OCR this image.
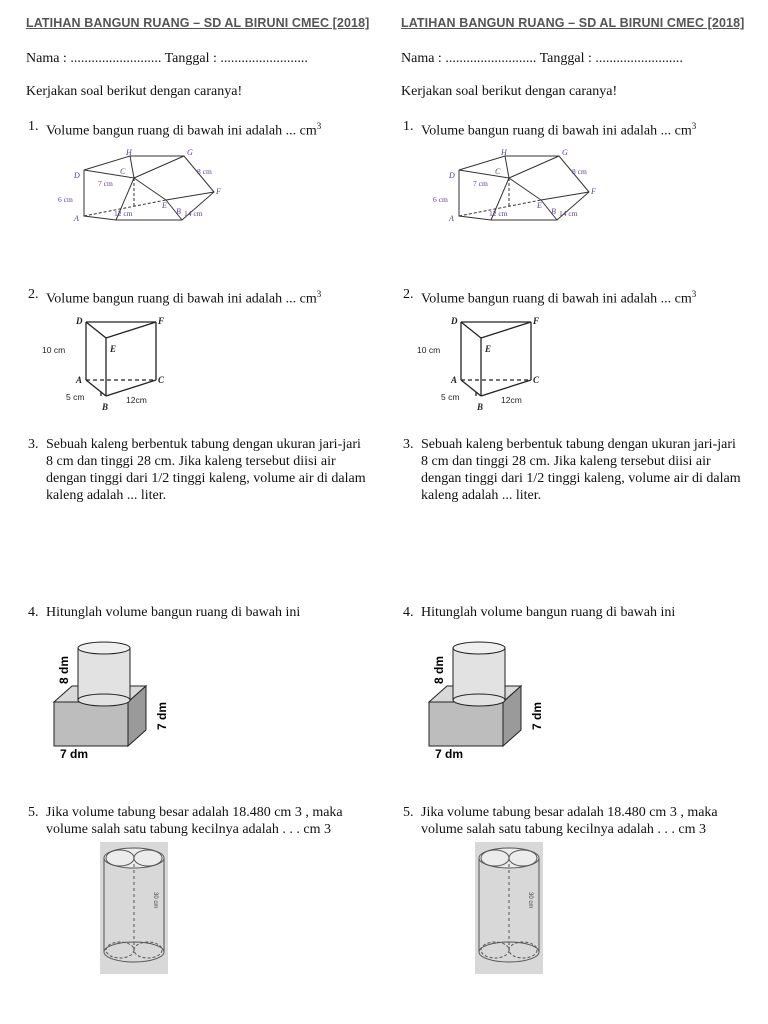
LATIHAN BANGUN RUANG – SD AL BIRUNI CMEC [2018]
Nama : .......................... Tanggal : .........................
Kerjakan soal berikut dengan caranya!
1. Volume bangun ruang di bawah ini adalah ... $cm^3$
H	G
D	C
E
F
A
B
7 cm
8 cm
6 cm
12 cm	14 cm
2. Volume bangun ruang di bawah ini adalah ... $cm^3$
D	F
E
A	C
B
10 cm
5 cm	12cm
3. Sebuah kaleng berbentuk tabung dengan ukuran jari-jari 8 cm dan tinggi 28 cm. Jika kaleng tersebut diisi air dengan tinggi dari 1/2 tinggi kaleng, volume air di dalam kaleng adalah ... liter.
4. Hitunglah volume bangun ruang di bawah ini
8 dm
7 dm
7 dm
5. Jika volume tabung besar adalah 18.480 cm 3 , maka volume salah satu tabung kecilnya adalah . . . cm 3
30 cm
LATIHAN BANGUN RUANG – SD AL BIRUNI CMEC [2018]
Nama : .......................... Tanggal : .........................
Kerjakan soal berikut dengan caranya!
1. Volume bangun ruang di bawah ini adalah ... $cm^3$
H	G
D	C
E
F
A
B
7 cm
8 cm
6 cm
12 cm	14 cm
2. Volume bangun ruang di bawah ini adalah ... $cm^3$
D	F
E
A	C
B
10 cm
5 cm	12cm
3. Sebuah kaleng berbentuk tabung dengan ukuran jari-jari 8 cm dan tinggi 28 cm. Jika kaleng tersebut diisi air dengan tinggi dari 1/2 tinggi kaleng, volume air di dalam kaleng adalah ... liter.
4. Hitunglah volume bangun ruang di bawah ini
8 dm
7 dm
7 dm
5. Jika volume tabung besar adalah 18.480 cm 3 , maka volume salah satu tabung kecilnya adalah . . . cm 3
30 cm
